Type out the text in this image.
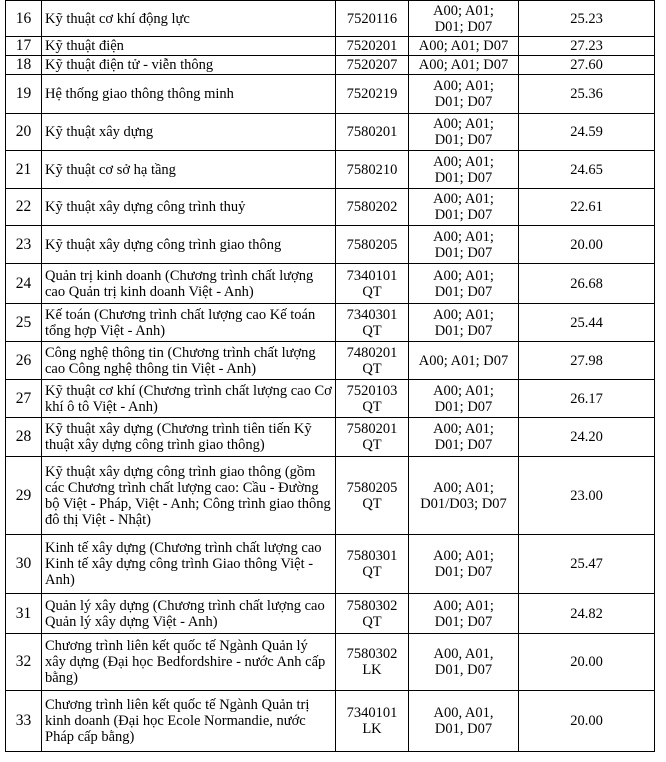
16	Kỹ thuật cơ khí động lực	7520116	A00; A01; D01; D07	25.23
17	Kỹ thuật điện	7520201	A00; A01; D07	27.23
18	Kỹ thuật điện tử - viễn thông	7520207	A00; A01; D07	27.60
19	Hệ thống giao thông thông minh	7520219	A00; A01; D01; D07	25.36
20	Kỹ thuật xây dựng	7580201	A00; A01; D01; D07	24.59
21	Kỹ thuật cơ sở hạ tầng	7580210	A00; A01; D01; D07	24.65
22	Kỹ thuật xây dựng công trình thuỷ	7580202	A00; A01; D01; D07	22.61
23	Kỹ thuật xây dựng công trình giao thông	7580205	A00; A01; D01; D07	20.00
24	Quản trị kinh doanh (Chương trình chất lượng cao Quản trị kinh doanh Việt - Anh)	7340101 QT	A00; A01; D01; D07	26.68
25	Kế toán (Chương trình chất lượng cao Kế toán tổng hợp Việt - Anh)	7340301 QT	A00; A01; D01; D07	25.44
26	Công nghệ thông tin (Chương trình chất lượng cao Công nghệ thông tin Việt - Anh)	7480201 QT	A00; A01; D07	27.98
27	Kỹ thuật cơ khí (Chương trình chất lượng cao Cơ khí ô tô Việt - Anh)	7520103 QT	A00; A01; D01; D07	26.17
28	Kỹ thuật xây dựng (Chương trình tiên tiến Kỹ thuật xây dựng công trình giao thông)	7580201 QT	A00; A01; D01; D07	24.20
29	Kỹ thuật xây dựng công trình giao thông (gồm các Chương trình chất lượng cao: Cầu - Đường bộ Việt - Pháp, Việt - Anh; Công trình giao thông đô thị Việt - Nhật)	7580205 QT	A00; A01; D01/D03; D07	23.00
30	Kinh tế xây dựng (Chương trình chất lượng cao Kinh tế xây dựng công trình Giao thông Việt - Anh)	7580301 QT	A00; A01; D01; D07	25.47
31	Quản lý xây dựng (Chương trình chất lượng cao Quản lý xây dựng Việt - Anh)	7580302 QT	A00; A01; D01; D07	24.82
32	Chương trình liên kết quốc tế Ngành Quản lý xây dựng (Đại học Bedfordshire - nước Anh cấp bằng)	7580302 LK	A00, A01, D01, D07	20.00
33	Chương trình liên kết quốc tế Ngành Quản trị kinh doanh (Đại học Ecole Normandie, nước Pháp cấp bằng)	7340101 LK	A00, A01, D01, D07	20.00
